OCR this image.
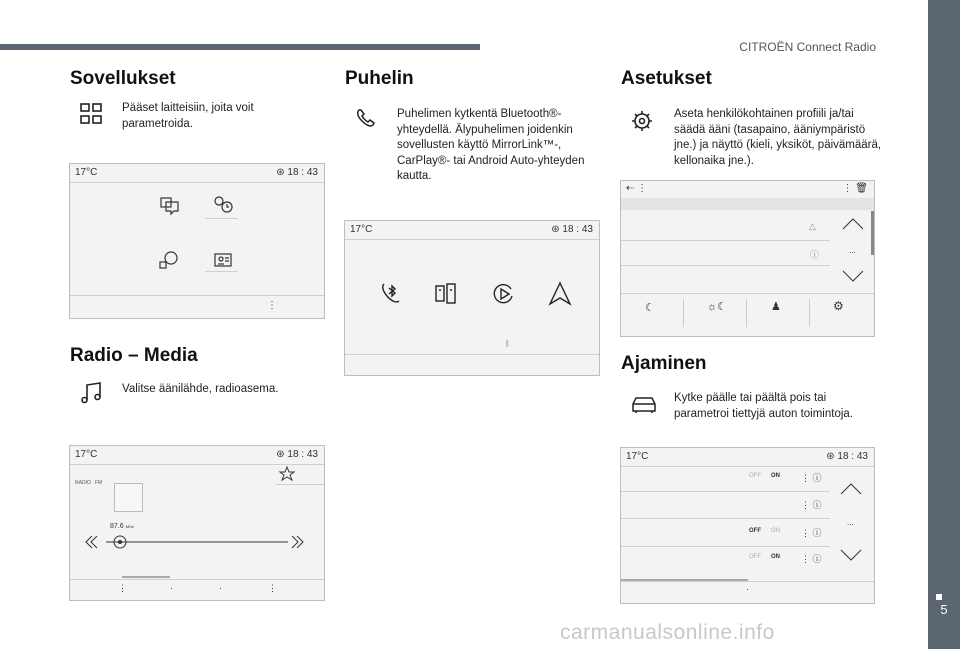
CITROËN Connect Radio
5
Sovellukset
Pääset laitteisiin, joita voit parametroida.
17°C	⊛ 18 : 43
⋮
Radio – Media
Valitse äänilähde, radioasema.
17°C	⊛ 18 : 43
RADIO . FM
87.6 MHz
⋮	·	·	⋮
Puhelin
Puhelimen kytkentä Bluetooth®-yhteydellä. Älypuhelimen joidenkin sovellusten käyttö MirrorLink™-, CarPlay®- tai Android Auto-yhteyden kautta.
17°C	⊛ 18 : 43
ᛒ
Asetukset
Aseta henkilökohtainen profiili ja/tai säädä ääni (tasapaino, ääniympäristö jne.) ja näyttö (kieli, yksiköt, päivämäärä, kellonaika jne.).
⇠ ⋮	⋮ 🗑
△
ⓘ	...
☾	☼☾	♟	⚙
Ajaminen
Kytke päälle tai päältä pois tai parametroi tiettyjä auton toimintoja.
17°C	⊛ 18 : 43
OFF ON ⋮ ⓘ
⋮ ⓘ
OFF ON ⋮ ⓘ
OFF ON ⋮ ⓘ
...
·
carmanualsonline.info
